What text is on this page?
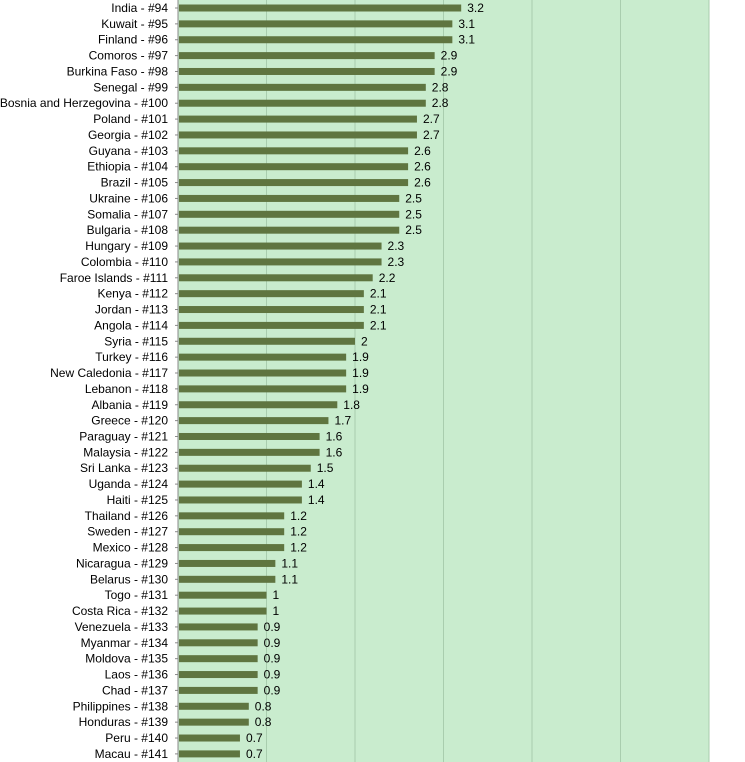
India - #94	3.2
Kuwait - #95	3.1
Finland - #96	3.1
Comoros - #97	2.9
Burkina Faso - #98	2.9
Senegal - #99	2.8
Bosnia and Herzegovina - #100	2.8
Poland - #101	2.7
Georgia - #102	2.7
Guyana - #103	2.6
Ethiopia - #104	2.6
Brazil - #105	2.6
Ukraine - #106	2.5
Somalia - #107	2.5
Bulgaria - #108	2.5
Hungary - #109	2.3
Colombia - #110	2.3
Faroe Islands - #111	2.2
Kenya - #112	2.1
Jordan - #113	2.1
Angola - #114	2.1
Syria - #115	2
Turkey - #116	1.9
New Caledonia - #117	1.9
Lebanon - #118	1.9
Albania - #119	1.8
Greece - #120	1.7
Paraguay - #121	1.6
Malaysia - #122	1.6
Sri Lanka - #123	1.5
Uganda - #124	1.4
Haiti - #125	1.4
Thailand - #126	1.2
Sweden - #127	1.2
Mexico - #128	1.2
Nicaragua - #129	1.1
Belarus - #130	1.1
Togo - #131	1
Costa Rica - #132	1
Venezuela - #133	0.9
Myanmar - #134	0.9
Moldova - #135	0.9
Laos - #136	0.9
Chad - #137	0.9
Philippines - #138	0.8
Honduras - #139	0.8
Peru - #140	0.7
Macau - #141	0.7
